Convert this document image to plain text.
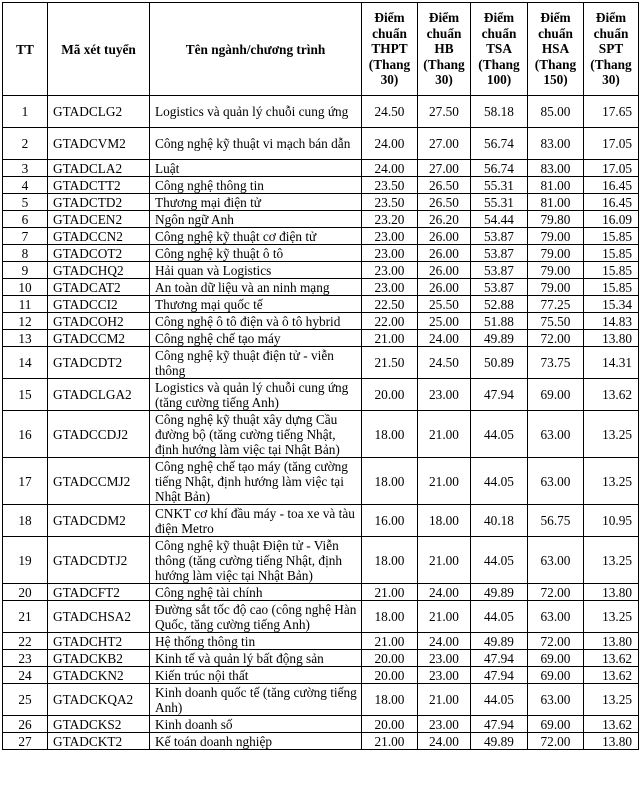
TT	Mã xét tuyển	Tên ngành/chương trình	Điểm chuẩn THPT (Thang 30)	Điểm chuẩn HB (Thang 30)	Điểm chuẩn TSA (Thang 100)	Điểm chuẩn HSA (Thang 150)	Điểm chuẩn SPT (Thang 30)
1	GTADCLG2	Logistics và quản lý chuỗi cung ứng	24.50	27.50	58.18	85.00	17.65
2	GTADCVM2	Công nghệ kỹ thuật vi mạch bán dẫn	24.00	27.00	56.74	83.00	17.05
3	GTADCLA2	Luật	24.00	27.00	56.74	83.00	17.05
4	GTADCTT2	Công nghệ thông tin	23.50	26.50	55.31	81.00	16.45
5	GTADCTD2	Thương mại điện tử	23.50	26.50	55.31	81.00	16.45
6	GTADCEN2	Ngôn ngữ Anh	23.20	26.20	54.44	79.80	16.09
7	GTADCCN2	Công nghệ kỹ thuật cơ điện tử	23.00	26.00	53.87	79.00	15.85
8	GTADCOT2	Công nghệ kỹ thuật ô tô	23.00	26.00	53.87	79.00	15.85
9	GTADCHQ2	Hải quan và Logistics	23.00	26.00	53.87	79.00	15.85
10	GTADCAT2	An toàn dữ liệu và an ninh mạng	23.00	26.00	53.87	79.00	15.85
11	GTADCCI2	Thương mại quốc tế	22.50	25.50	52.88	77.25	15.34
12	GTADCOH2	Công nghệ ô tô điện và ô tô hybrid	22.00	25.00	51.88	75.50	14.83
13	GTADCCM2	Công nghệ chế tạo máy	21.00	24.00	49.89	72.00	13.80
14	GTADCDT2	Công nghệ kỹ thuật điện tử - viễn thông	21.50	24.50	50.89	73.75	14.31
15	GTADCLGA2	Logistics và quản lý chuỗi cung ứng (tăng cường tiếng Anh)	20.00	23.00	47.94	69.00	13.62
16	GTADCCDJ2	Công nghệ kỹ thuật xây dựng Cầu đường bộ (tăng cường tiếng Nhật, định hướng làm việc tại Nhật Bản)	18.00	21.00	44.05	63.00	13.25
17	GTADCCMJ2	Công nghệ chế tạo máy (tăng cường tiếng Nhật, định hướng làm việc tại Nhật Bản)	18.00	21.00	44.05	63.00	13.25
18	GTADCDM2	CNKT cơ khí đầu máy - toa xe và tàu điện Metro	16.00	18.00	40.18	56.75	10.95
19	GTADCDTJ2	Công nghệ kỹ thuật Điện tử - Viễn thông (tăng cường tiếng Nhật, định hướng làm việc tại Nhật Bản)	18.00	21.00	44.05	63.00	13.25
20	GTADCFT2	Công nghệ tài chính	21.00	24.00	49.89	72.00	13.80
21	GTADCHSA2	Đường sắt tốc độ cao (công nghệ Hàn Quốc, tăng cường tiếng Anh)	18.00	21.00	44.05	63.00	13.25
22	GTADCHT2	Hệ thống thông tin	21.00	24.00	49.89	72.00	13.80
23	GTADCKB2	Kinh tế và quản lý bất động sản	20.00	23.00	47.94	69.00	13.62
24	GTADCKN2	Kiến trúc nội thất	20.00	23.00	47.94	69.00	13.62
25	GTADCKQA2	Kinh doanh quốc tế (tăng cường tiếng Anh)	18.00	21.00	44.05	63.00	13.25
26	GTADCKS2	Kinh doanh số	20.00	23.00	47.94	69.00	13.62
27	GTADCKT2	Kế toán doanh nghiệp	21.00	24.00	49.89	72.00	13.80
